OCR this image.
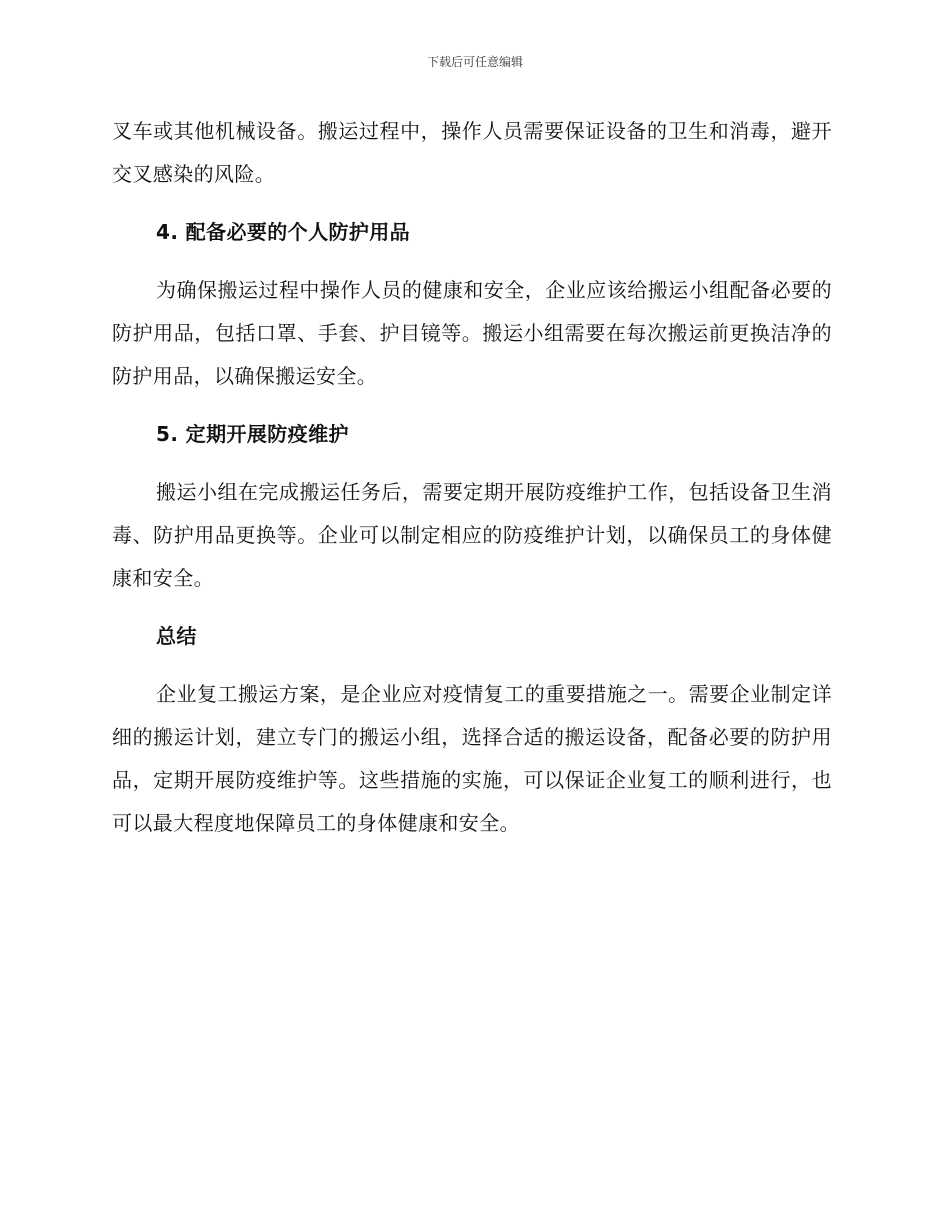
下载后可任意编辑

叉车或其他机械设备。搬运过程中，操作人员需要保证设备的卫生和消毒，避开交叉感染的风险。

4. 配备必要的个人防护用品

为确保搬运过程中操作人员的健康和安全，企业应该给搬运小组配备必要的防护用品，包括口罩、手套、护目镜等。搬运小组需要在每次搬运前更换洁净的防护用品，以确保搬运安全。

5. 定期开展防疫维护

搬运小组在完成搬运任务后，需要定期开展防疫维护工作，包括设备卫生消毒、防护用品更换等。企业可以制定相应的防疫维护计划，以确保员工的身体健康和安全。

总结

企业复工搬运方案，是企业应对疫情复工的重要措施之一。需要企业制定详细的搬运计划，建立专门的搬运小组，选择合适的搬运设备，配备必要的防护用品，定期开展防疫维护等。这些措施的实施，可以保证企业复工的顺利进行，也可以最大程度地保障员工的身体健康和安全。
